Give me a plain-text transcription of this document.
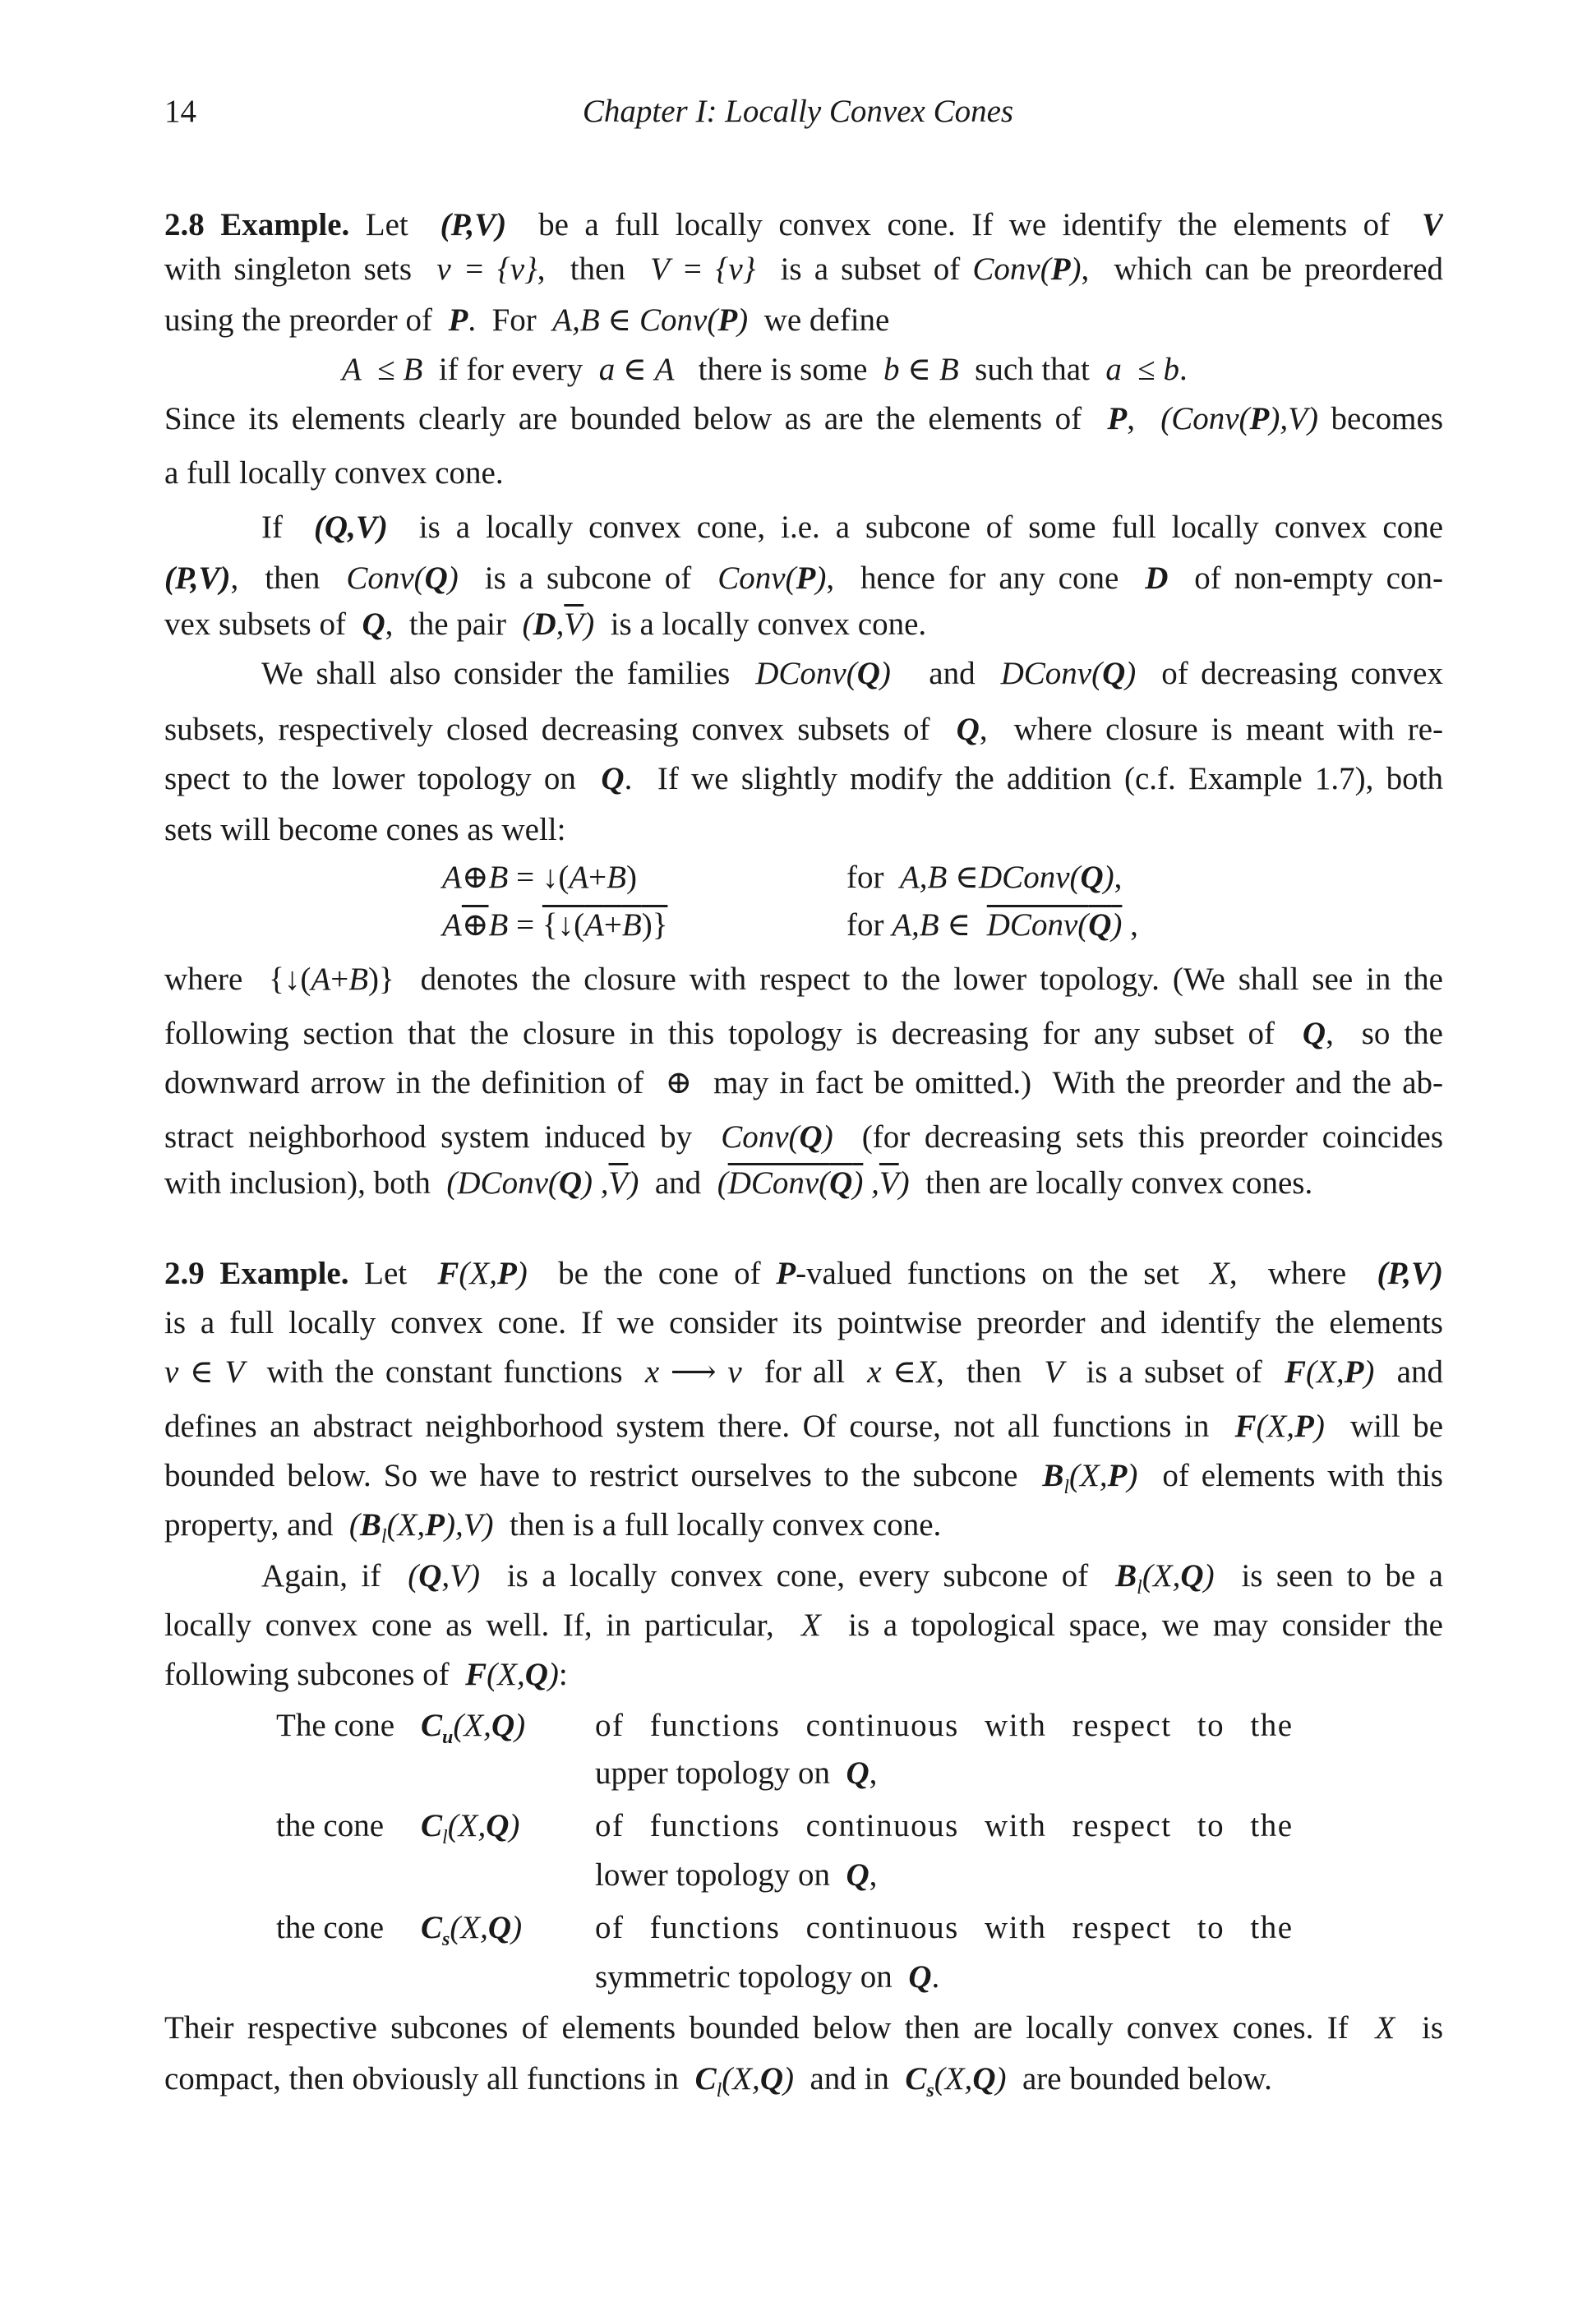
14	Chapter I: Locally Convex Cones
2.8 Example. Let  (P,V)  be a full locally convex cone. If we identify the elements of  V
with singleton sets  $\overline{v} = \{v\}$,  then  $\overline{V} = \{\overline{v}\}$  is a subset of Conv(P),  which can be preordered
using the preorder of  P.  For  A,B ∈ Conv(P)  we define
A  ≤ B  if for every  a ∈ A   there is some  b ∈ B  such that  a  ≤ b.
Since its elements clearly are bounded below as are the elements of  P,  $(Conv(P),\overline{V})$ becomes
a full locally convex cone.
If  (Q,V)  is a locally convex cone, i.e. a subcone of some full locally convex cone
(P,V),  then  Conv(Q)  is a subcone of  Conv(P),  hence for any cone  D  of non-empty con-
vex subsets of  Q,  the pair  $(D,\overline{V})$  is a locally convex cone.
We shall also consider the families  DConv(Q)   and  DConv(Q)  of decreasing convex
subsets, respectively closed decreasing convex subsets of  Q,  where closure is meant with re-
spect to the lower topology on  Q.  If we slightly modify the addition (c.f. Example 1.7), both
sets will become cones as well:
A⊕B = ↓(A+B)	for  A,B ∈DConv(Q),
A⊕B = {↓(A+B)}	for A,B ∈  DConv(Q) ,
where  {↓(A+B)}  denotes the closure with respect to the lower topology. (We shall see in the
following section that the closure in this topology is decreasing for any subset of  Q,  so the
downward arrow in the definition of  ⊕  may in fact be omitted.)  With the preorder and the ab-
stract neighborhood system induced by  Conv(Q)  (for decreasing sets this preorder coincides
with inclusion), both  (DConv(Q) $,\overline{V}$)  and  (DConv(Q) $,\overline{V}$)  then are locally convex cones.
2.9 Example. Let  F(X,P)  be the cone of P-valued functions on the set  X,  where  (P,V)
is a full locally convex cone. If we consider its pointwise preorder and identify the elements
v ∈ V  with the constant functions  x ⟶ v  for all  x ∈X,  then  V  is a subset of  F(X,P)  and
defines an abstract neighborhood system there. Of course, not all functions in  F(X,P)  will be
bounded below. So we have to restrict ourselves to the subcone  $B_l(X,P)$  of elements with this
property, and  $(B_l(X,P),V)$  then is a full locally convex cone.
Again, if  (Q,V)  is a locally convex cone, every subcone of  $B_l(X,Q)$  is seen to be a
locally convex cone as well. If, in particular,  X  is a topological space, we may consider the
following subcones of  F(X,Q):
The cone $C_u(X,Q)$ of functions continuous with respect to the
upper topology on  Q,
the cone $C_l(X,Q)$ of functions continuous with respect to the
lower topology on  Q,
the cone $C_s(X,Q)$ of functions continuous with respect to the
symmetric topology on  Q.
Their respective subcones of elements bounded below then are locally convex cones. If  X  is
compact, then obviously all functions in  $C_l(X,Q)$  and in  $C_s(X,Q)$  are bounded below.
